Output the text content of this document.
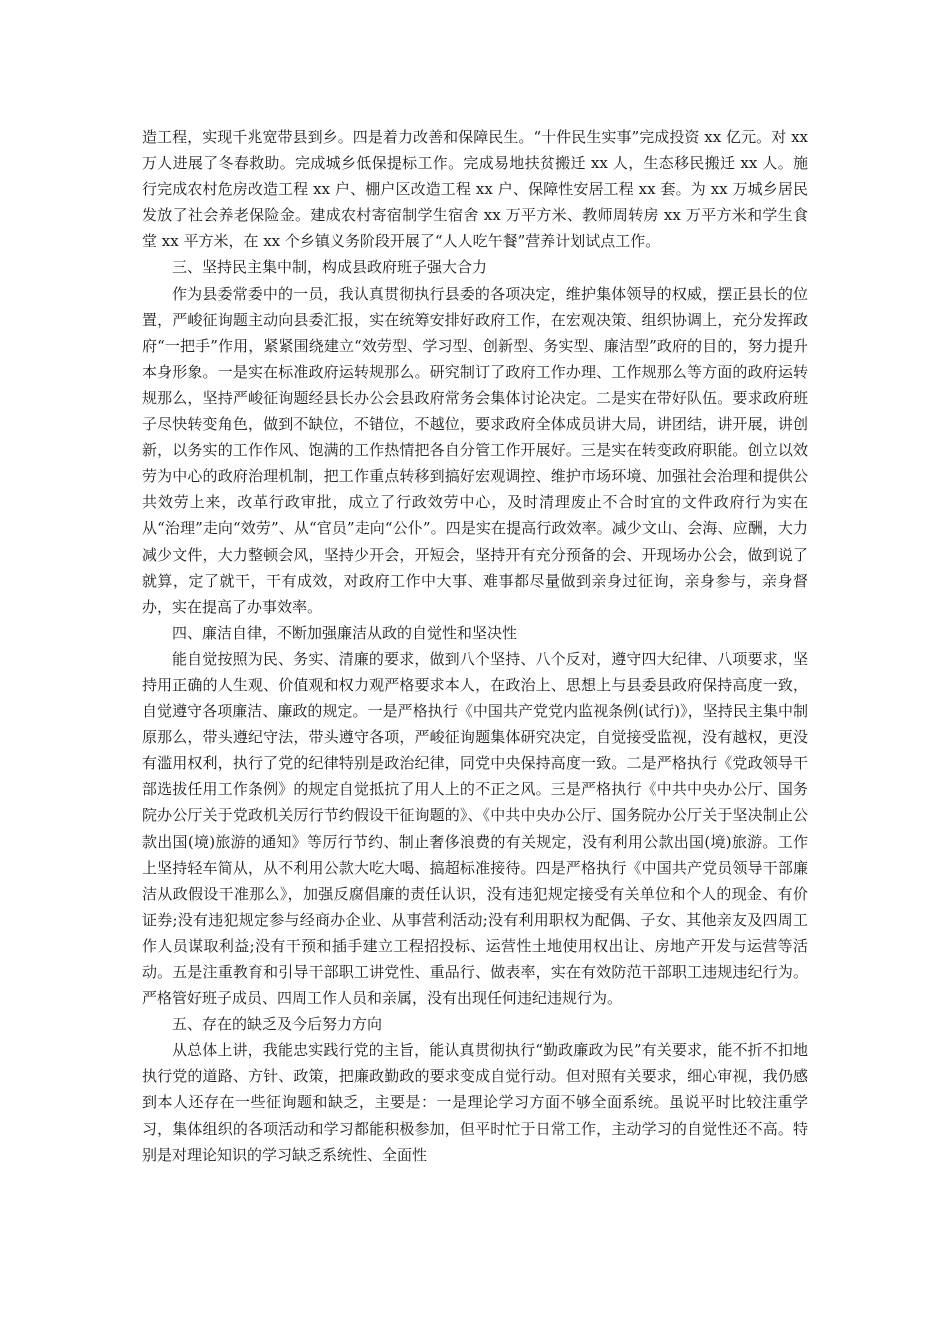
造工程，实现千兆宽带县到乡。四是着力改善和保障民生。“十件民生实事”完成投资 xx 亿元。对 xx 万人进展了冬春救助。完成城乡低保提标工作。完成易地扶贫搬迁 xx 人，生态移民搬迁 xx 人。施行完成农村危房改造工程 xx 户、棚户区改造工程 xx 户、保障性安居工程 xx 套。为 xx 万城乡居民发放了社会养老保险金。建成农村寄宿制学生宿舍 xx 万平方米、教师周转房 xx 万平方米和学生食堂 xx 平方米，在 xx 个乡镇义务阶段开展了“人人吃午餐”营养计划试点工作。

三、坚持民主集中制，构成县政府班子强大合力

作为县委常委中的一员，我认真贯彻执行县委的各项决定，维护集体领导的权威，摆正县长的位置，严峻征询题主动向县委汇报，实在统筹安排好政府工作，在宏观决策、组织协调上，充分发挥政府“一把手”作用，紧紧围绕建立“效劳型、学习型、创新型、务实型、廉洁型”政府的目的，努力提升本身形象。一是实在标准政府运转规那么。研究制订了政府工作办理、工作规那么等方面的政府运转规那么，坚持严峻征询题经县长办公会县政府常务会集体讨论决定。二是实在带好队伍。要求政府班子尽快转变角色，做到不缺位，不错位，不越位，要求政府全体成员讲大局，讲团结，讲开展，讲创新，以务实的工作作风、饱满的工作热情把各自分管工作开展好。三是实在转变政府职能。创立以效劳为中心的政府治理机制，把工作重点转移到搞好宏观调控、维护市场环境、加强社会治理和提供公共效劳上来，改革行政审批，成立了行政效劳中心，及时清理废止不合时宜的文件政府行为实在从“治理”走向“效劳”、从“官员”走向“公仆”。四是实在提高行政效率。减少文山、会海、应酬，大力减少文件，大力整顿会风，坚持少开会，开短会，坚持开有充分预备的会、开现场办公会，做到说了就算，定了就干，干有成效，对政府工作中大事、难事都尽量做到亲身过征询，亲身参与，亲身督办，实在提高了办事效率。

四、廉洁自律，不断加强廉洁从政的自觉性和坚决性

能自觉按照为民、务实、清廉的要求，做到八个坚持、八个反对，遵守四大纪律、八项要求，坚持用正确的人生观、价值观和权力观严格要求本人，在政治上、思想上与县委县政府保持高度一致，自觉遵守各项廉洁、廉政的规定。一是严格执行《中国共产党党内监视条例(试行)》，坚持民主集中制原那么，带头遵纪守法，带头遵守各项，严峻征询题集体研究决定，自觉接受监视，没有越权，更没有滥用权利，执行了党的纪律特别是政治纪律，同党中央保持高度一致。二是严格执行《党政领导干部选拔任用工作条例》的规定自觉抵抗了用人上的不正之风。三是严格执行《中共中央办公厅、国务院办公厅关于党政机关厉行节约假设干征询题的》、《中共中央办公厅、国务院办公厅关于坚决制止公款出国(境)旅游的通知》等厉行节约、制止奢侈浪费的有关规定，没有利用公款出国(境)旅游。工作上坚持轻车简从，从不利用公款大吃大喝、搞超标准接待。四是严格执行《中国共产党员领导干部廉洁从政假设干准那么》，加强反腐倡廉的责任认识，没有违犯规定接受有关单位和个人的现金、有价证券;没有违犯规定参与经商办企业、从事营利活动;没有利用职权为配偶、子女、其他亲友及四周工作人员谋取利益;没有干预和插手建立工程招投标、运营性土地使用权出让、房地产开发与运营等活动。五是注重教育和引导干部职工讲党性、重品行、做表率，实在有效防范干部职工违规违纪行为。严格管好班子成员、四周工作人员和亲属，没有出现任何违纪违规行为。

五、存在的缺乏及今后努力方向

从总体上讲，我能忠实践行党的主旨，能认真贯彻执行“勤政廉政为民”有关要求，能不折不扣地执行党的道路、方针、政策，把廉政勤政的要求变成自觉行动。但对照有关要求，细心审视，我仍感到本人还存在一些征询题和缺乏，主要是：一是理论学习方面不够全面系统。虽说平时比较注重学习，集体组织的各项活动和学习都能积极参加，但平时忙于日常工作，主动学习的自觉性还不高。特别是对理论知识的学习缺乏系统性、全面性
